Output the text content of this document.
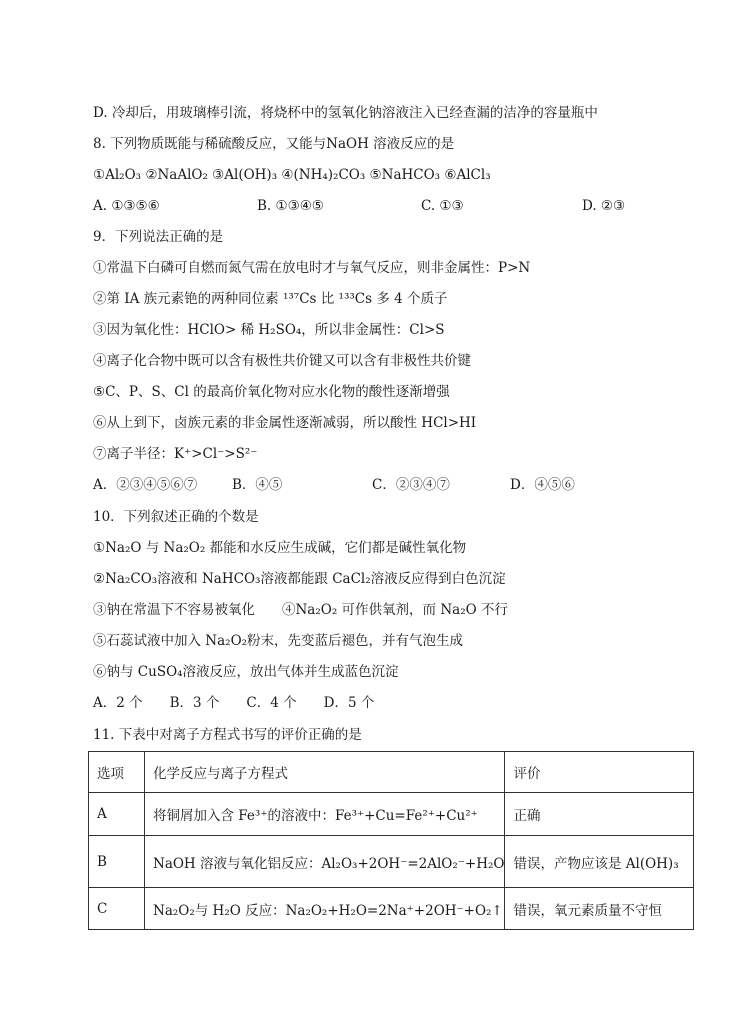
D. 冷却后，用玻璃棒引流，将烧杯中的氢氧化钠溶液注入已经查漏的洁净的容量瓶中
8. 下列物质既能与稀硫酸反应，又能与NaOH 溶液反应的是
①Al₂O₃ ②NaAlO₂ ③Al(OH)₃ ④(NH₄)₂CO₃ ⑤NaHCO₃ ⑥AlCl₃
A. ①③⑤⑥	B. ①③④⑤	C. ①③	D. ②③
9．下列说法正确的是
①常温下白磷可自燃而氮气需在放电时才与氧气反应，则非金属性：P>N
②第 IA 族元素铯的两种同位素 ¹³⁷Cs 比 ¹³³Cs 多 4 个质子
③因为氧化性：HClO> 稀 H₂SO₄，所以非金属性：Cl>S
④离子化合物中既可以含有极性共价键又可以含有非极性共价键
⑤C、P、S、Cl 的最高价氧化物对应水化物的酸性逐渐增强
⑥从上到下，卤族元素的非金属性逐渐减弱，所以酸性 HCl>HI
⑦离子半径：K⁺>Cl⁻>S²⁻
A．②③④⑤⑥⑦	B．④⑤	C．②③④⑦	D．④⑤⑥
10．下列叙述正确的个数是
①Na₂O 与 Na₂O₂ 都能和水反应生成碱，它们都是碱性氧化物
②Na₂CO₃溶液和 NaHCO₃溶液都能跟 CaCl₂溶液反应得到白色沉淀
③钠在常温下不容易被氧化　　④Na₂O₂ 可作供氧剂，而 Na₂O 不行
⑤石蕊试液中加入 Na₂O₂粉末，先变蓝后褪色，并有气泡生成
⑥钠与 CuSO₄溶液反应，放出气体并生成蓝色沉淀
A．2 个　　B．3 个　　C．4 个　　D．5 个
11. 下表中对离子方程式书写的评价正确的是
选项	化学反应与离子方程式	评价
A	将铜屑加入含 Fe³⁺的溶液中：Fe³⁺+Cu=Fe²⁺+Cu²⁺	正确
B	NaOH 溶液与氧化铝反应：Al₂O₃+2OH⁻=2AlO₂⁻+H₂O	错误，产物应该是 Al(OH)₃
C	Na₂O₂与 H₂O 反应：Na₂O₂+H₂O=2Na⁺+2OH⁻+O₂↑	错误，氧元素质量不守恒
